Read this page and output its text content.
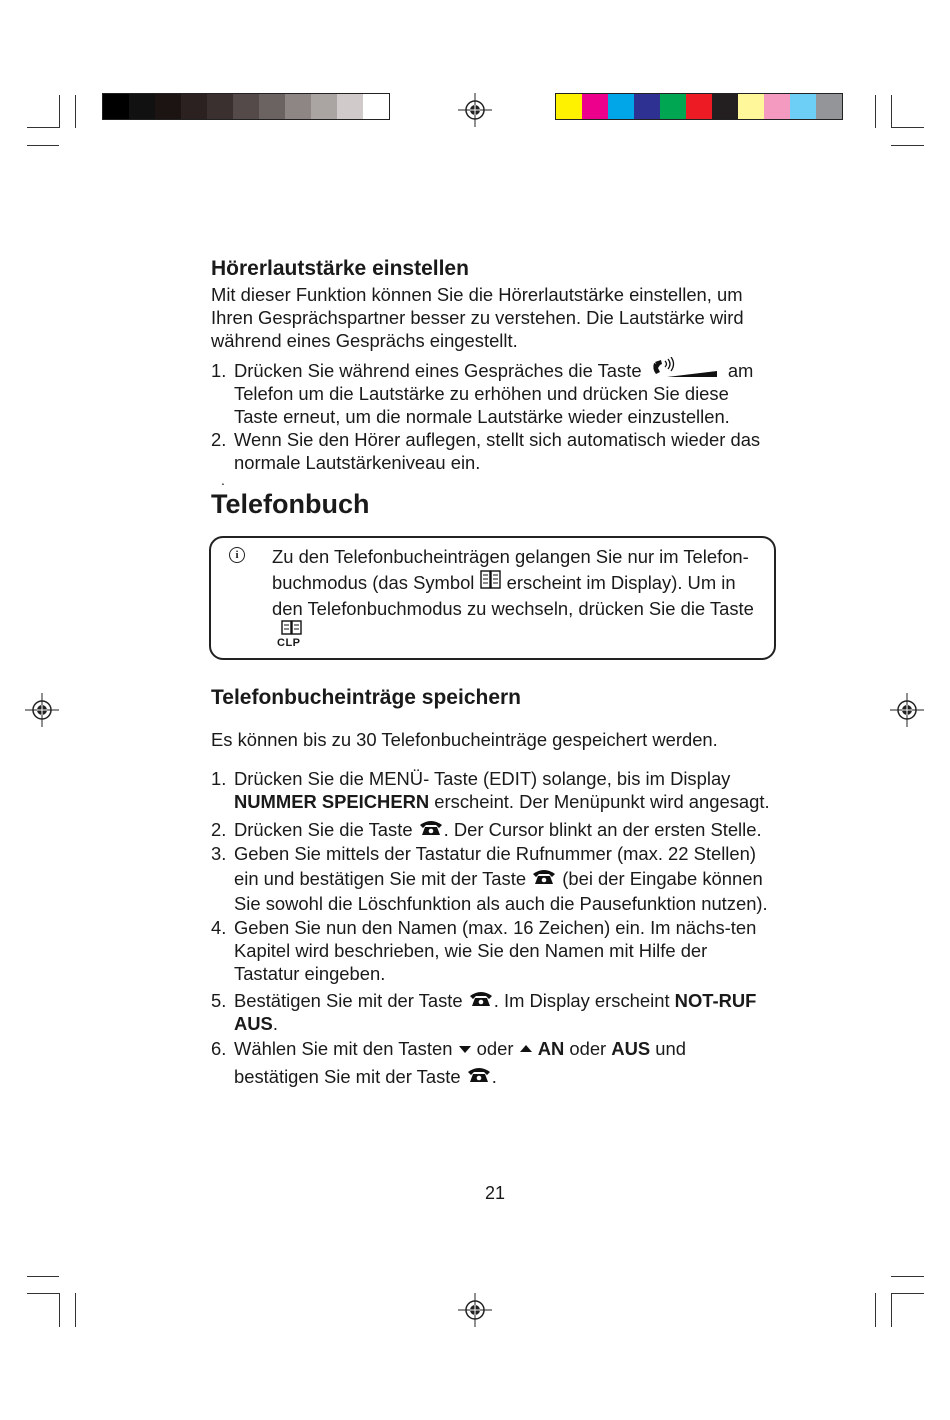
Hörerlautstärke einstellen

Mit dieser Funktion können Sie die Hörerlautstärke einstellen, um Ihren Gesprächspartner besser zu verstehen. Die Lautstärke wird während eines Gesprächs eingestellt.

1. Drücken Sie während eines Gespräches die Taste	am Telefon um die Lautstärke zu erhöhen und drücken Sie diese Taste erneut, um die normale Lautstärke wieder einzustellen.
2. Wenn Sie den Hörer auflegen, stellt sich automatisch wieder das normale Lautstärkeniveau ein.
.
Telefonbuch
i	Zu den Telefonbucheinträgen gelangen Sie nur im Telefon-buchmodus (das Symbol erscheint im Display). Um in den Telefonbuchmodus zu wechseln, drücken Sie die Taste
CLP
Telefonbucheinträge speichern

Es können bis zu 30 Telefonbucheinträge gespeichert werden.

1. Drücken Sie die MENÜ- Taste (EDIT) solange, bis im Display NUMMER SPEICHERN erscheint. Der Menüpunkt wird angesagt.
2. Drücken Sie die Taste . Der Cursor blinkt an der ersten Stelle.
3. Geben Sie mittels der Tastatur die Rufnummer (max. 22 Stellen) ein und bestätigen Sie mit der Taste  (bei der Eingabe können Sie sowohl die Löschfunktion als auch die Pausefunktion nutzen).
4. Geben Sie nun den Namen (max. 16 Zeichen) ein. Im nächs-ten Kapitel wird beschrieben, wie Sie den Namen mit Hilfe der Tastatur eingeben.
5. Bestätigen Sie mit der Taste . Im Display erscheint NOT-RUF AUS.
6. Wählen Sie mit den Tasten  oder  AN oder AUS und bestätigen Sie mit der Taste .
21
